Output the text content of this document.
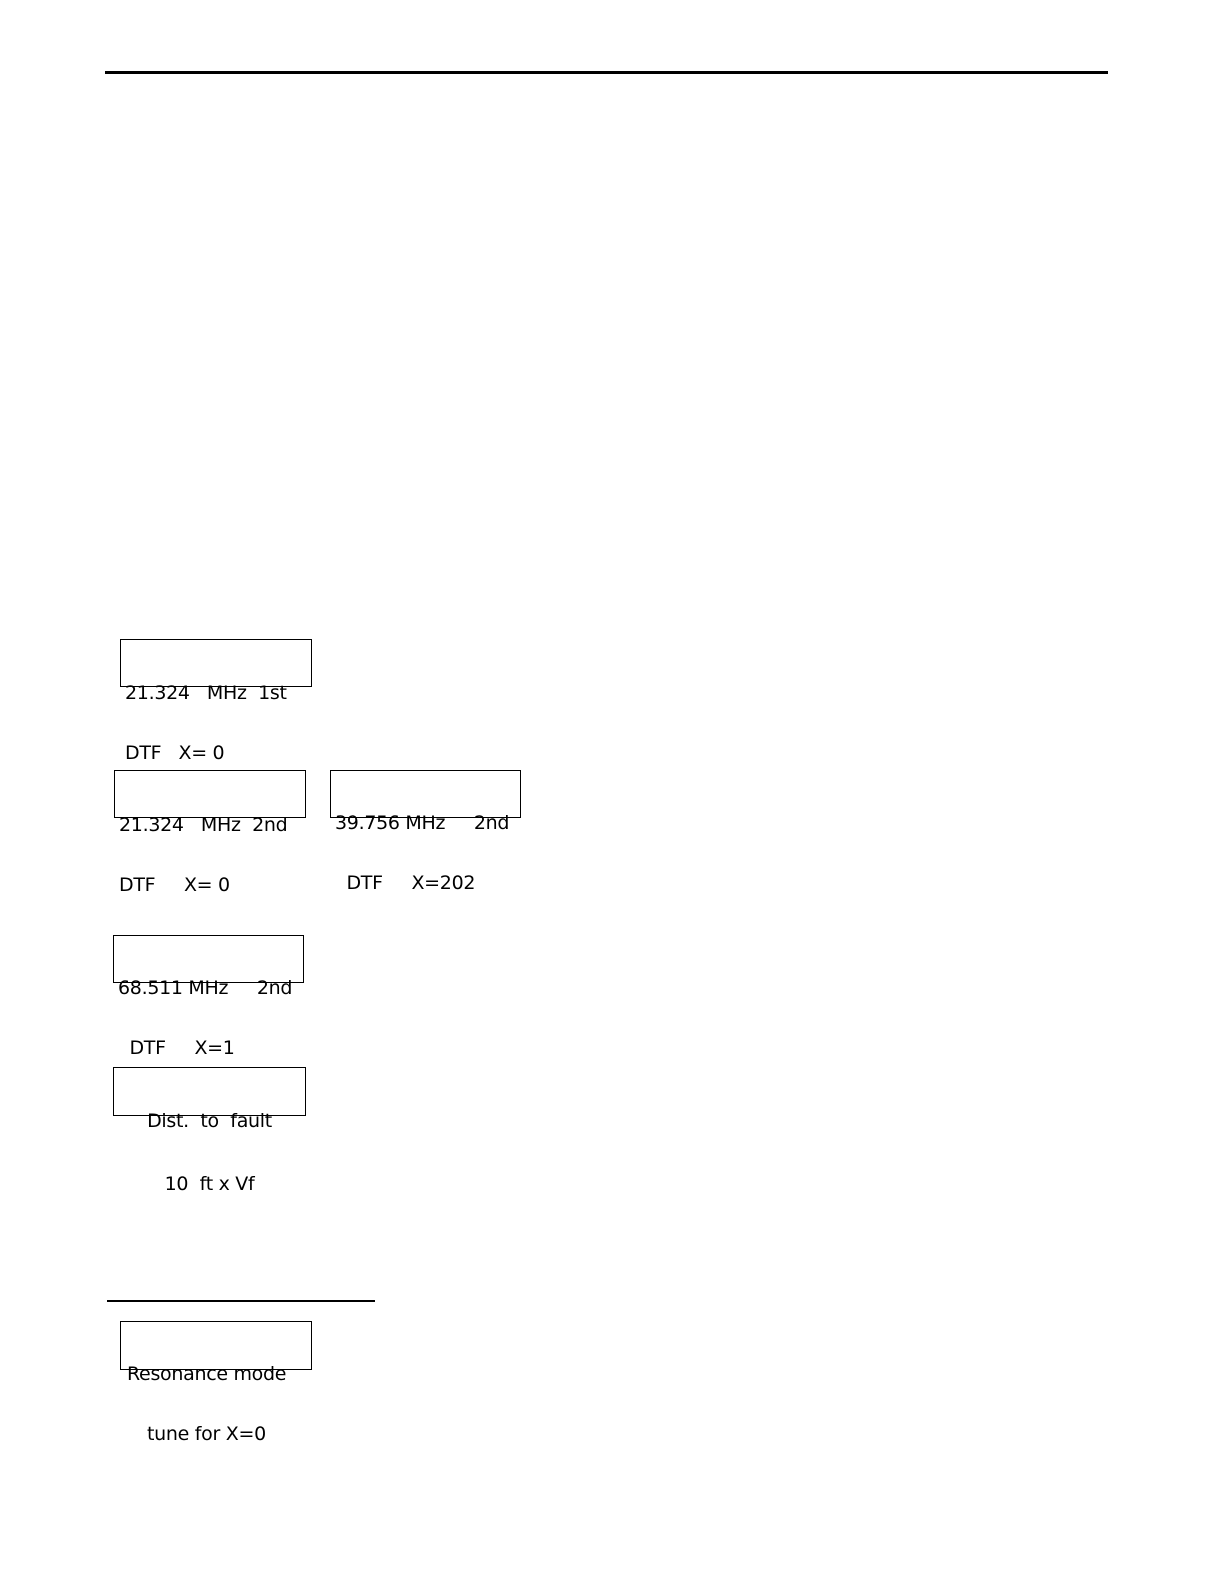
21.324   MHz  1st

DTF   X= 0

21.324   MHz  2nd

DTF     X= 0

39.756 MHz     2nd

DTF     X=202

68.511 MHz     2nd

DTF     X=1

Dist.  to  fault

10  ft x Vf

Resonance mode

tune for X=0
